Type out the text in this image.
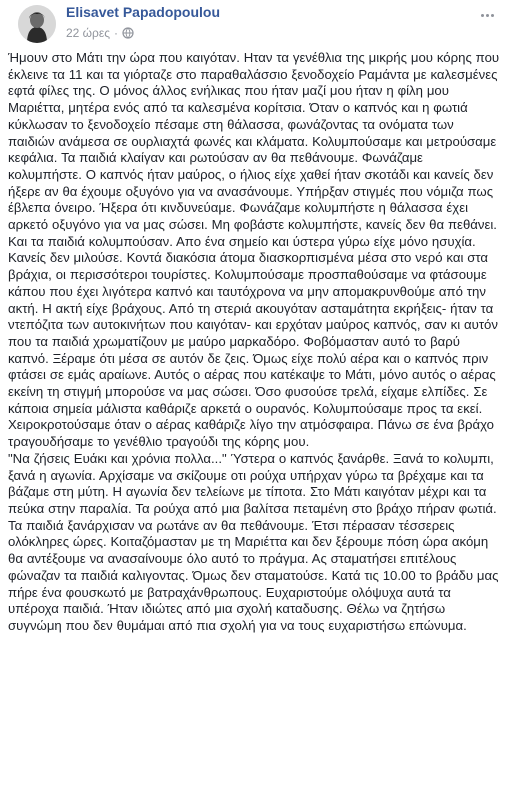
Elisavet Papadopoulou
22 ώρες ·
Ήμουν στο Μάτι την ώρα που καιγόταν. Ηταν τα γενέθλια της μικρής μου κόρης που έκλεινε τα 11 και τα γιόρταζε στο παραθαλάσσιο ξενοδοχείο Ραμάντα με καλεσμένες εφτά φίλες της. Ο μόνος άλλος ενήλικας που ήταν μαζί μου ήταν η φίλη μου Μαριέττα, μητέρα ενός από τα καλεσμένα κορίτσια. Όταν ο καπνός και η φωτιά κύκλωσαν το ξενοδοχείο πέσαμε στη θάλασσα, φωνάζοντας τα ονόματα των παιδιών ανάμεσα σε ουρλιαχτά φωνές και κλάματα. Κολυμπούσαμε και μετρούσαμε κεφάλια. Τα παιδιά κλαίγαν και ρωτούσαν αν θα πεθάνουμε. Φωνάζαμε κολυμπήστε. Ο καπνός ήταν μαύρος, ο ήλιος είχε χαθεί ήταν σκοτάδι και κανείς δεν ήξερε αν θα έχουμε οξυγόνο για να ανασάνουμε. Υπήρξαν στιγμές που νόμιζα πως έβλεπα όνειρο. Ήξερα ότι κινδυνεύαμε. Φωνάζαμε κολυμπήστε η θάλασσα έχει αρκετό οξυγόνο για να μας σώσει. Μη φοβάστε κολυμπήστε, κανείς δεν θα πεθάνει. Και τα παιδιά κολυμπούσαν. Απο ένα σημείο και ύστερα γύρω είχε μόνο ησυχία. Κανείς δεν μιλούσε. Κοντά διακόσια άτομα διασκορπισμένα μέσα στο νερό και στα βράχια, οι περισσότεροι τουρίστες. Κολυμπούσαμε προσπαθούσαμε να φτάσουμε κάπου που έχει λιγότερα καπνό και ταυτόχρονα να μην απομακρυνθούμε από την ακτή. Η ακτή είχε βράχους. Από τη στεριά ακουγόταν ασταμάτητα εκρήξεις- ήταν τα ντεπόζιτα των αυτοκινήτων που καιγόταν- και ερχόταν μαύρος καπνός, σαν κι αυτόν που τα παιδιά χρωματίζουν με μαύρο μαρκαδόρο. Φοβόμασταν αυτό το βαρύ καπνό. Ξέραμε ότι μέσα σε αυτόν δε ζεις. Όμως είχε πολύ αέρα και ο καπνός πριν φτάσει σε εμάς αραίωνε. Αυτός ο αέρας που κατέκαψε το Μάτι, μόνο αυτός ο αέρας εκείνη τη στιγμή μπορούσε να μας σώσει. Όσο φυσούσε τρελά, είχαμε ελπίδες. Σε κάποια σημεία μάλιστα καθάριζε αρκετά ο ουρανός. Κολυμπούσαμε προς τα εκεί. Χειροκροτούσαμε όταν ο αέρας καθάριζε λίγο την ατμόσφαιρα. Πάνω σε ένα βράχο τραγουδήσαμε το γενέθλιο τραγούδι της κόρης μου.
"Να ζήσεις Ευάκι και χρόνια πολλα..." Ύστερα ο καπνός ξανάρθε. Ξανά το κολυμπι, ξανά η αγωνία. Αρχίσαμε να σκίζουμε οτι ρούχα υπήρχαν γύρω τα βρέχαμε και τα βάζαμε στη μύτη. Η αγωνία δεν τελείωνε με τίποτα. Στο Μάτι καιγόταν μέχρι και τα πεύκα στην παραλία. Τα ρούχα από μια βαλίτσα πεταμένη στο βράχο πήραν φωτιά. Τα παιδιά ξανάρχισαν να ρωτάνε αν θα πεθάνουμε. Έτσι πέρασαν τέσσερεις ολόκληρες ώρες. Κοιταζόμασταν με τη Μαριέττα και δεν ξέρουμε πόση ώρα ακόμη θα αντέξουμε να ανασαίνουμε όλο αυτό το πράγμα. Ας σταματήσει επιτέλους φώναζαν τα παιδιά καλιγοντας. Όμως δεν σταματούσε. Κατά τις 10.00 το βράδυ μας πήρε ένα φουσκωτό με βατραχάνθρωπους. Ευχαριστούμε ολόψυχα αυτά τα υπέροχα παιδιά. Ήταν ιδιώτες από μια σχολή καταδυσης. Θέλω να ζητήσω συγνώμη που δεν θυμάμαι από πια σχολή για να τους ευχαριστήσω επώνυμα.
